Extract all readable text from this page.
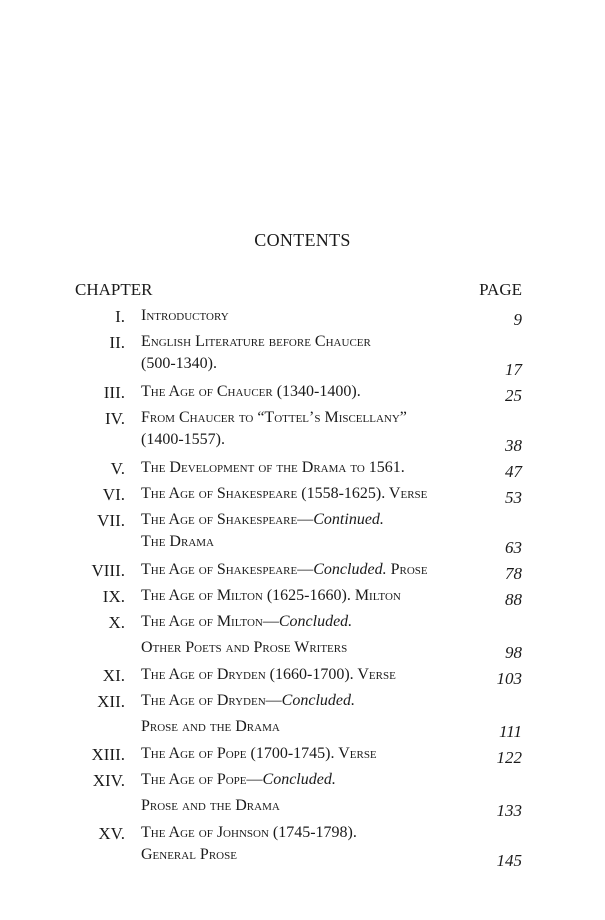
CONTENTS
CHAPTER	PAGE
I. Introductory	9
II. English Literature before Chaucer
(500-1340).	17
III. The Age of Chaucer (1340-1400).	25
IV. From Chaucer to “Tottel’s Miscellany”
(1400-1557).	38
V. The Development of the Drama to 1561.	47
VI. The Age of Shakespeare (1558-1625). Verse	53
VII. The Age of Shakespeare—Continued.
The Drama	63
VIII. The Age of Shakespeare—Concluded. Prose	78
IX. The Age of Milton (1625-1660). Milton	88
X. The Age of Milton—Concluded.
Other Poets and Prose Writers	98
XI. The Age of Dryden (1660-1700). Verse	103
XII. The Age of Dryden—Concluded.
Prose and the Drama	111
XIII. The Age of Pope (1700-1745). Verse	122
XIV. The Age of Pope—Concluded.
Prose and the Drama	133
XV. The Age of Johnson (1745-1798).
General Prose	145
